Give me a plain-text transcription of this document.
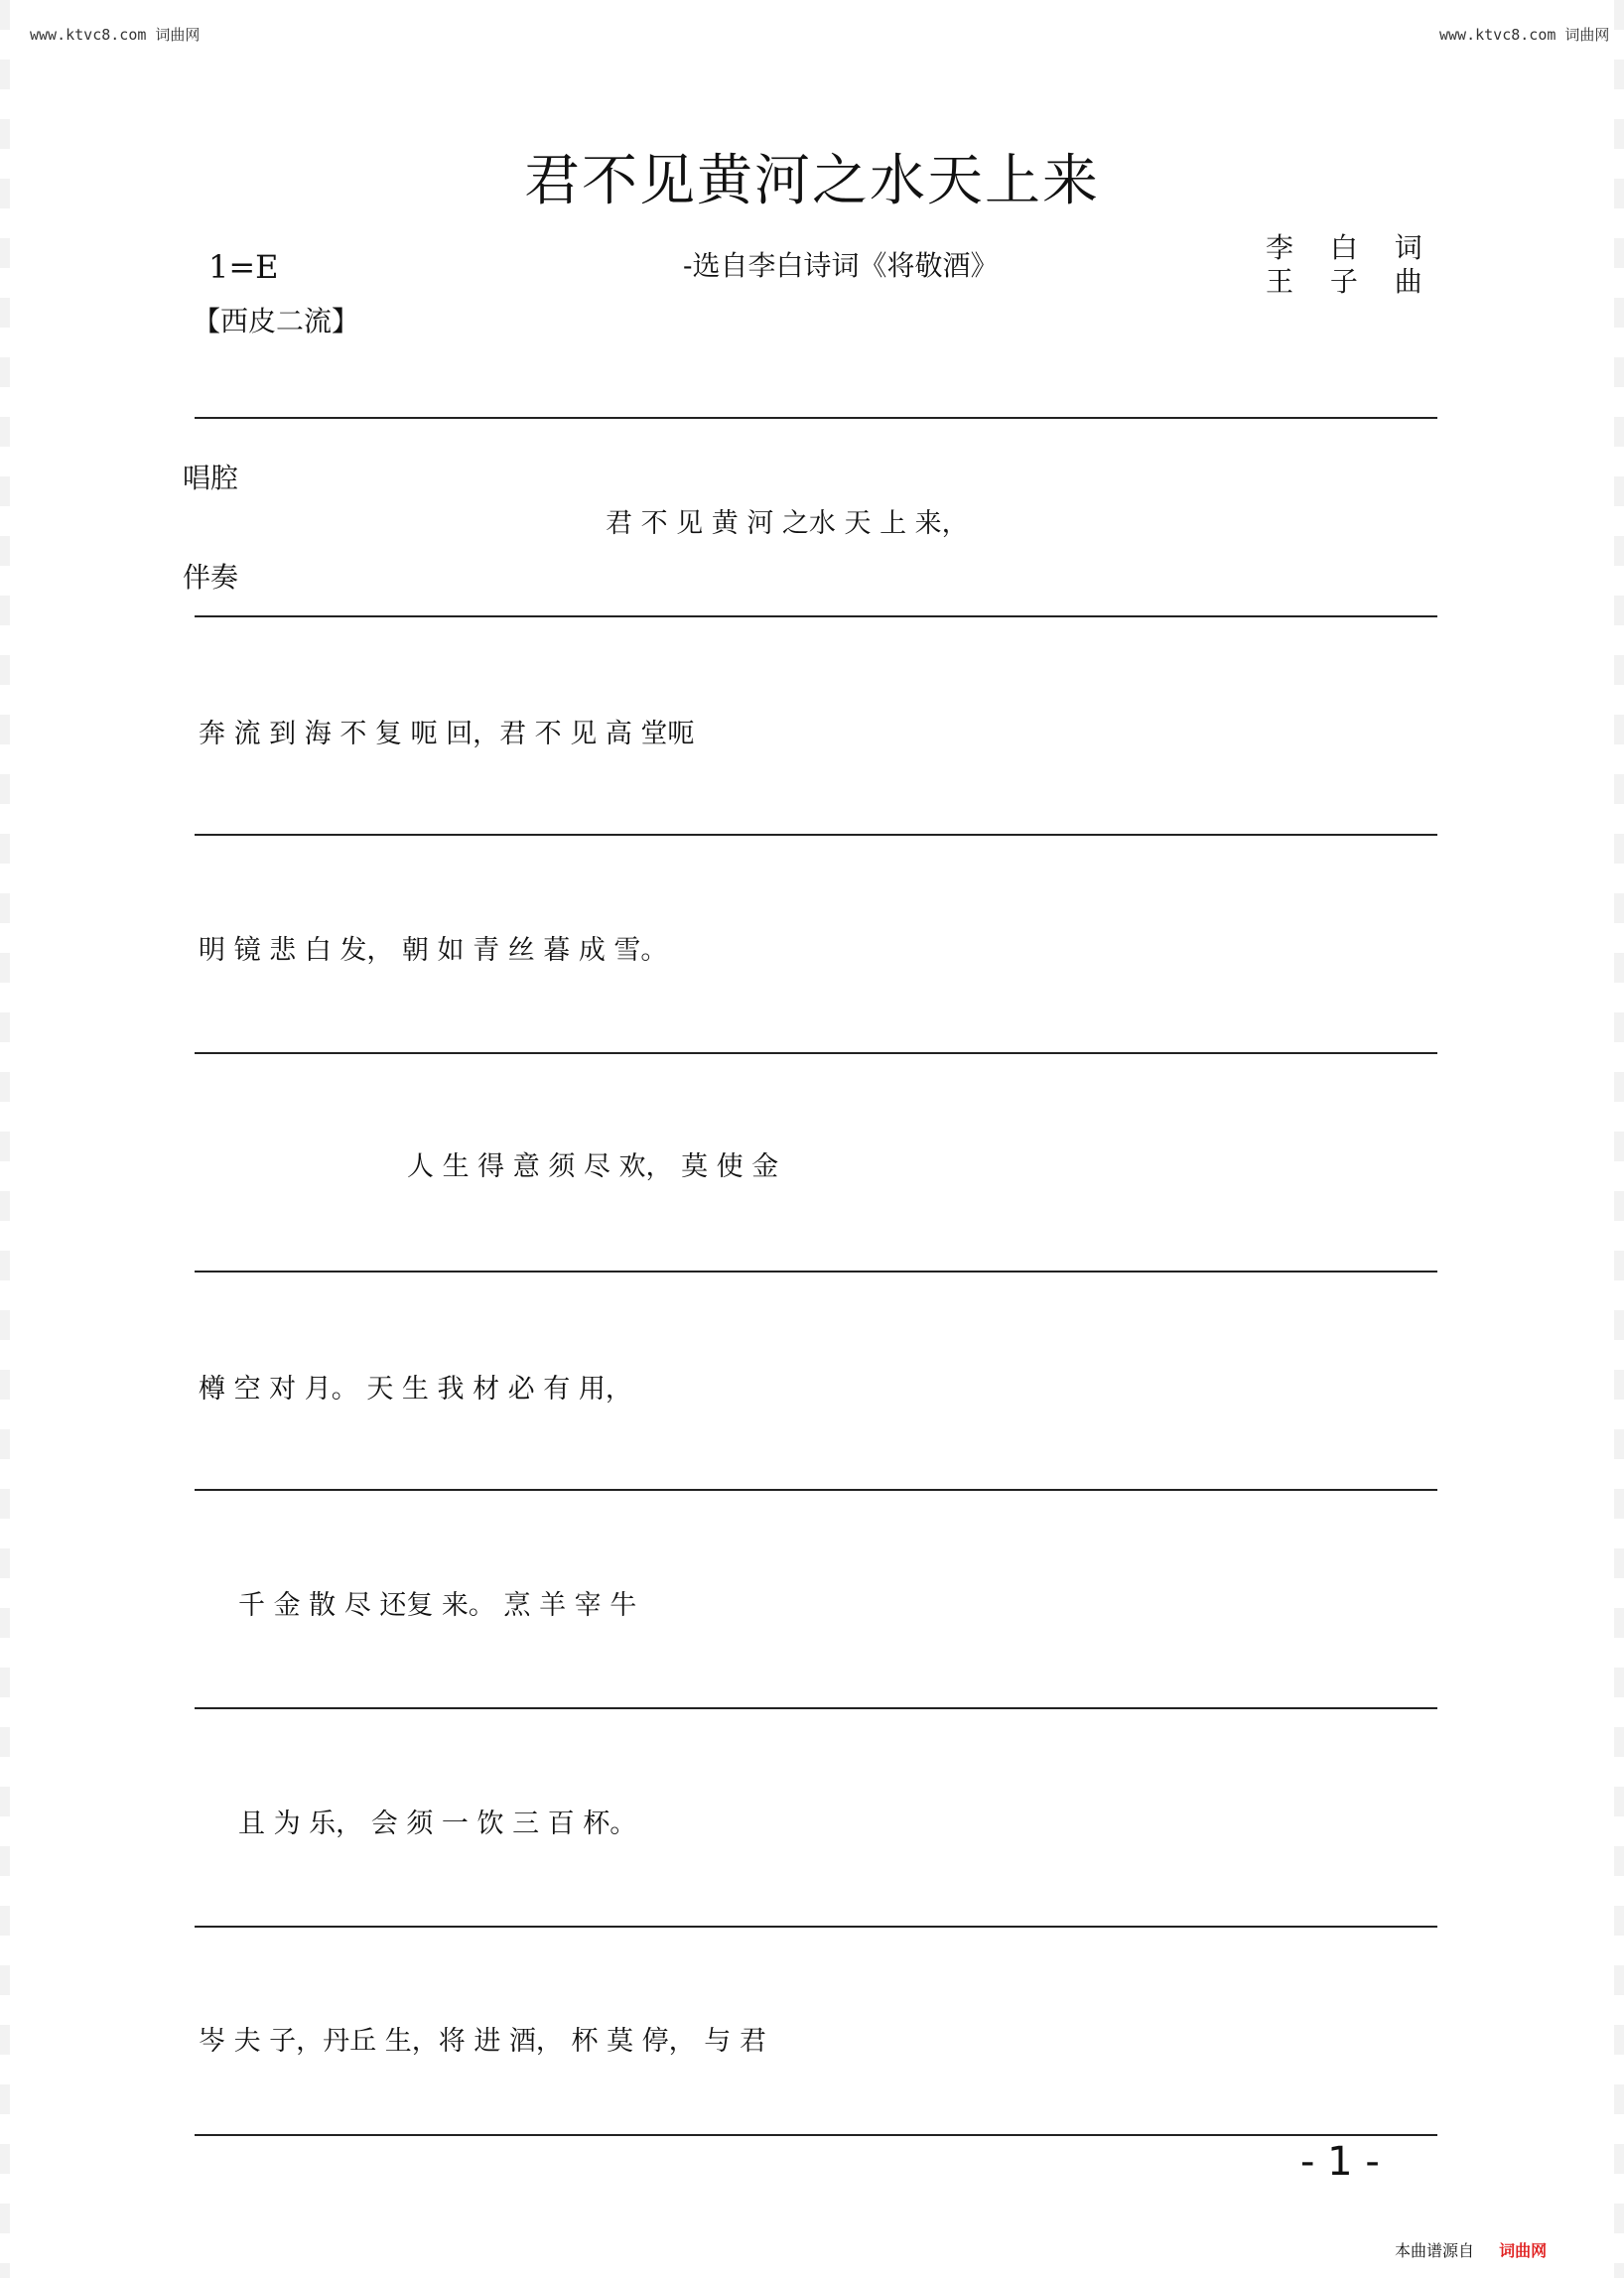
www.ktvc8.com 词曲网	www.ktvc8.com 词曲网
君不见黄河之水天上来
-选自李白诗词《将敬酒》
李 白 词
王 子 曲
1=E
【西皮二流】
唱腔
伴奏
君 不 见 黄 河 之水 天 上 来，
奔 流 到 海 不 复 呃 回，君 不 见 高 堂呃
明 镜 悲 白 发， 朝 如 青 丝 暮 成 雪。
人 生 得 意 须 尽 欢， 莫 使 金
樽 空 对 月。 天 生 我 材 必 有 用，
千 金 散 尽 还复 来。 烹 羊 宰 牛
且 为 乐， 会 须 一 饮 三 百 杯。
岑 夫 子，丹丘 生，将 进 酒， 杯 莫 停， 与 君
- 1 -
本曲谱源自 词曲网
